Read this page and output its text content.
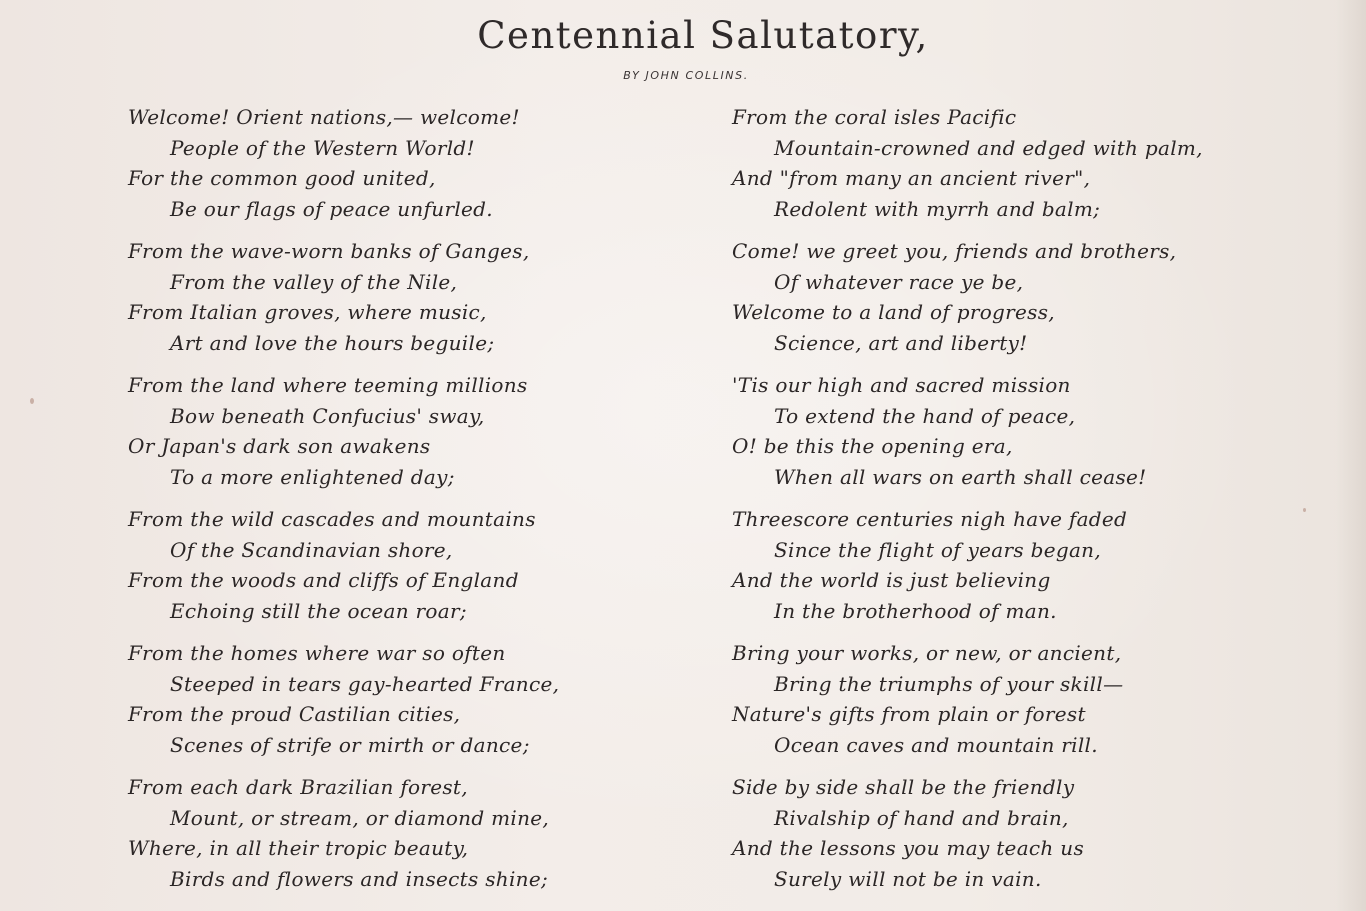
Centennial Salutatory,
BY JOHN COLLINS.
Welcome! Orient nations,— welcome!
People of the Western World!
For the common good united,
Be our flags of peace unfurled.
From the wave-worn banks of Ganges,
From the valley of the Nile,
From Italian groves, where music,
Art and love the hours beguile;
From the land where teeming millions
Bow beneath Confucius' sway,
Or Japan's dark son awakens
To a more enlightened day;
From the wild cascades and mountains
Of the Scandinavian shore,
From the woods and cliffs of England
Echoing still the ocean roar;
From the homes where war so often
Steeped in tears gay-hearted France,
From the proud Castilian cities,
Scenes of strife or mirth or dance;
From each dark Brazilian forest,
Mount, or stream, or diamond mine,
Where, in all their tropic beauty,
Birds and flowers and insects shine;
From the coral isles Pacific
Mountain-crowned and edged with palm,
And "from many an ancient river",
Redolent with myrrh and balm;
Come! we greet you, friends and brothers,
Of whatever race ye be,
Welcome to a land of progress,
Science, art and liberty!
'Tis our high and sacred mission
To extend the hand of peace,
O! be this the opening era,
When all wars on earth shall cease!
Threescore centuries nigh have faded
Since the flight of years began,
And the world is just believing
In the brotherhood of man.
Bring your works, or new, or ancient,
Bring the triumphs of your skill—
Nature's gifts from plain or forest
Ocean caves and mountain rill.
Side by side shall be the friendly
Rivalship of hand and brain,
And the lessons you may teach us
Surely will not be in vain.
